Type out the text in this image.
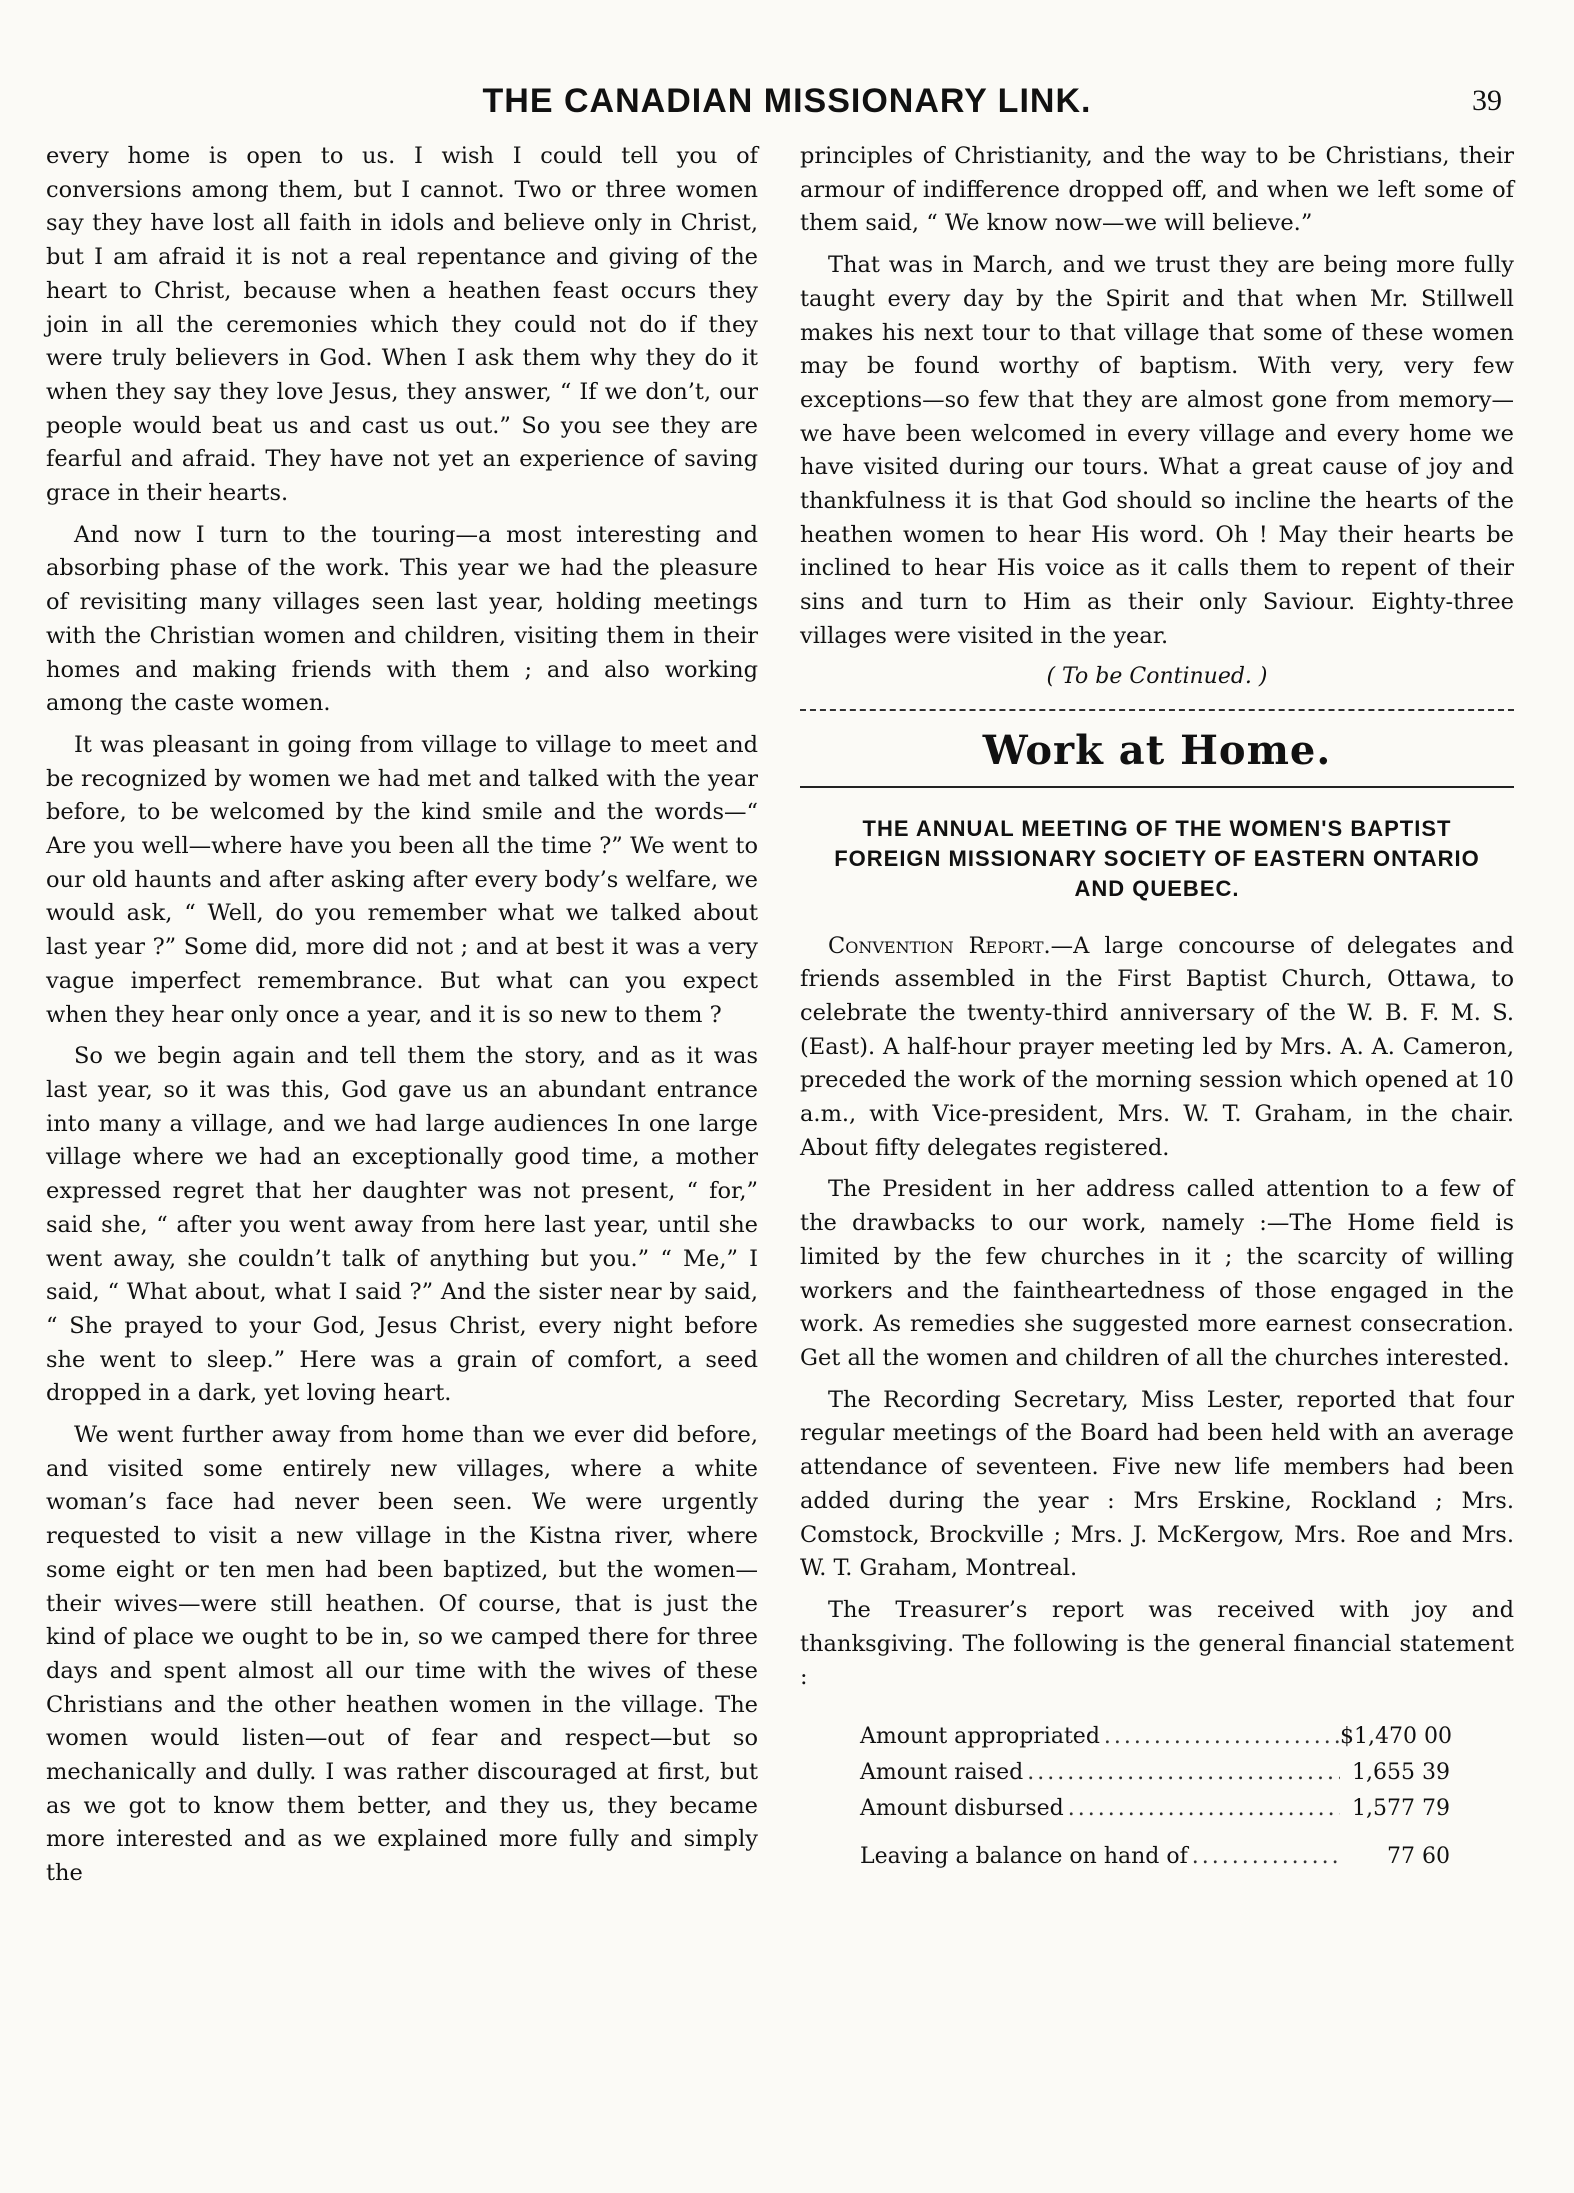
THE CANADIAN MISSIONARY LINK.	39

every home is open to us. I wish I could tell you of conversions among them, but I cannot. Two or three women say they have lost all faith in idols and believe only in Christ, but I am afraid it is not a real repentance and giving of the heart to Christ, because when a heathen feast occurs they join in all the ceremonies which they could not do if they were truly believers in God. When I ask them why they do it when they say they love Jesus, they answer, “ If we don’t, our people would beat us and cast us out.” So you see they are fearful and afraid. They have not yet an experience of saving grace in their hearts.

And now I turn to the touring—a most interesting and absorbing phase of the work. This year we had the pleasure of revisiting many villages seen last year, holding meetings with the Christian women and children, visiting them in their homes and making friends with them ; and also working among the caste women.

It was pleasant in going from village to village to meet and be recognized by women we had met and talked with the year before, to be welcomed by the kind smile and the words—“ Are you well—where have you been all the time ?” We went to our old haunts and after asking after every body’s welfare, we would ask, “ Well, do you remember what we talked about last year ?” Some did, more did not ; and at best it was a very vague imperfect remembrance. But what can you expect when they hear only once a year, and it is so new to them ?

So we begin again and tell them the story, and as it was last year, so it was this, God gave us an abundant entrance into many a village, and we had large audiences In one large village where we had an exceptionally good time, a mother expressed regret that her daughter was not present, “ for,” said she, “ after you went away from here last year, until she went away, she couldn’t talk of anything but you.” “ Me,” I said, “ What about, what I said ?” And the sister near by said, “ She prayed to your God, Jesus Christ, every night before she went to sleep.” Here was a grain of comfort, a seed dropped in a dark, yet loving heart.

We went further away from home than we ever did before, and visited some entirely new villages, where a white woman’s face had never been seen. We were urgently requested to visit a new village in the Kistna river, where some eight or ten men had been baptized, but the women—their wives—were still heathen. Of course, that is just the kind of place we ought to be in, so we camped there for three days and spent almost all our time with the wives of these Christians and the other heathen women in the village. The women would listen—out of fear and respect—but so mechanically and dully. I was rather discouraged at first, but as we got to know them better, and they us, they became more interested and as we explained more fully and simply the

principles of Christianity, and the way to be Christians, their armour of indifference dropped off, and when we left some of them said, “ We know now—we will believe.”

That was in March, and we trust they are being more fully taught every day by the Spirit and that when Mr. Stillwell makes his next tour to that village that some of these women may be found worthy of baptism. With very, very few exceptions—so few that they are almost gone from memory—we have been welcomed in every village and every home we have visited during our tours. What a great cause of joy and thankfulness it is that God should so incline the hearts of the heathen women to hear His word. Oh ! May their hearts be inclined to hear His voice as it calls them to repent of their sins and turn to Him as their only Saviour. Eighty-three villages were visited in the year.

( To be Continued. )
Work at Home.
THE ANNUAL MEETING OF THE WOMEN'S BAPTIST FOREIGN MISSIONARY SOCIETY OF EASTERN ONTARIO AND QUEBEC.

Convention Report.—A large concourse of delegates and friends assembled in the First Baptist Church, Ottawa, to celebrate the twenty-third anniversary of the W. B. F. M. S. (East). A half-hour prayer meeting led by Mrs. A. A. Cameron, preceded the work of the morning session which opened at 10 a.m., with Vice-president, Mrs. W. T. Graham, in the chair. About fifty delegates registered.

The President in her address called attention to a few of the drawbacks to our work, namely :—The Home field is limited by the few churches in it ; the scarcity of willing workers and the faintheartedness of those engaged in the work. As remedies she suggested more earnest consecration. Get all the women and children of all the churches interested.

The Recording Secretary, Miss Lester, reported that four regular meetings of the Board had been held with an average attendance of seventeen. Five new life members had been added during the year : Mrs Erskine, Rockland ; Mrs. Comstock, Brockville ; Mrs. J. McKergow, Mrs. Roe and Mrs. W. T. Graham, Montreal.

The Treasurer’s report was received with joy and thanksgiving. The following is the general financial statement :

Amount appropriated .....	$1,470 00
Amount raised .....	1,655 39
Amount disbursed .....	1,577 79
Leaving a balance on hand of .....	77 60
